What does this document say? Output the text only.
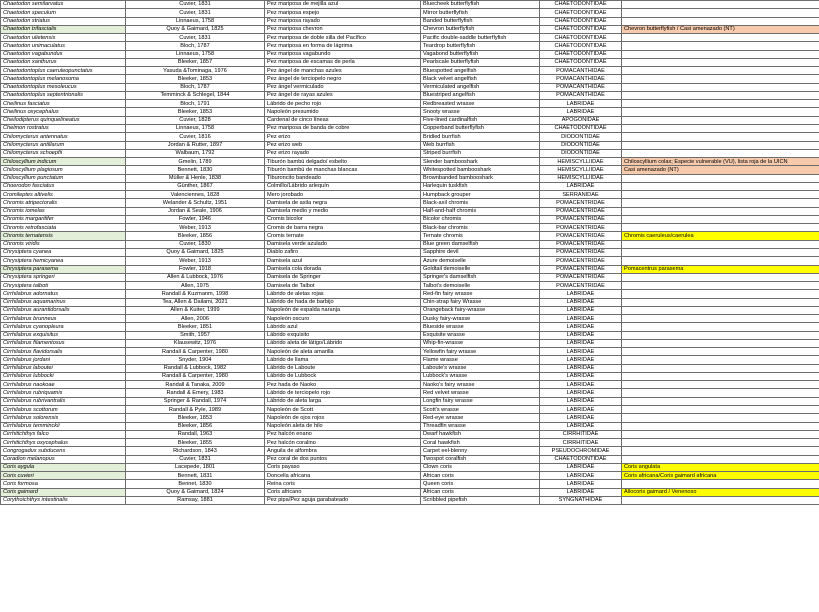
Chaetodon semilarvatus	Cuvier, 1831	Pez mariposa de mejilla azul	Bluecheek butterflyfish	CHAETODONTIDAE	
Chaetodon speculum	Cuvier, 1831	Pez mariposa espejo	Mirror butterflyfish	CHAETODONTIDAE	
Chaetodon striatus	Linnaeus, 1758	Pez mariposa rayado	Banded butterflyfish	CHAETODONTIDAE	
Chaetodon trifascialis	Quoy & Gaimard, 1825	Pez mariposa chevron	Chevron butterflyfish	CHAETODONTIDAE	Chevron butterflyfish / Casi amenazado (NT)
Chaetodon ulietensis	Cuvier, 1831	Pez mariposa de doble silla del Pacífico	Pacific double-saddle butterflyfish	CHAETODONTIDAE	
Chaetodon unimaculatus	Bloch, 1787	Pez mariposa en forma de lágrima	Teardrop butterflyfish	CHAETODONTIDAE	
Chaetodon vagabundus	Linnaeus, 1758	Pez mariposa vagabundo	Vagabond butterflyfish	CHAETODONTIDAE	
Chaetodon xanthurus	Bleeker, 1857	Pez mariposa de escamas de perla	Pearlscale butterflyfish	CHAETODONTIDAE	
Chaetodontoplus caeruleopunctatus	Yasuda &Tominaga, 1976	Pez ángel de manchas azules	Bluespotted angelfish	POMACANTHIDAE	
Chaetodontoplus melanosoma	Bleeker, 1853	Pez ángel de terciopelo negro	Black velvet angelfish	POMACANTHIDAE	
Chaetodontoplus mesoleucus	Bloch, 1787	Pez ángel vermiculado	Vermiculated angelfish	POMACANTHIDAE	
Chaetodontoplus septentrionalis	Temminck & Schlegel, 1844	Pez ángel de rayas azules	Bluestriped angelfish	POMACANTHIDAE	
Cheilinus fasciatus	Bloch, 1791	Lábrido de pecho rojo	Redbreasted wrasse	LABRIDAE	
Cheilinus oxycephalus	Bleeker, 1853	Napoleón presumido	Snooty wrasse	LABRIDAE	
Cheilodipterus quinquelineatus	Cuvier, 1828	Cardenal de cinco líneas	Five-lined cardinalfish	APOGONIDAE	
Chelmon rostratus	Linnaeus, 1758	Pez mariposa de banda de cobre	Copperband butterflyfish	CHAETODONTIDAE	
Chilomycterus antennatus	Cuvier, 1816	Pez erizo	Bridled burrfish	DIODONTIDAE	
Chilomycterus antillarum	Jordan & Rutter, 1897	Pez erizo web	Web burrfish	DIODONTIDAE	
Chilomycterus schoepfii	Walbaum, 1792	Pez erizo rayado	Striped burrfish	DIODONTIDAE	
Chiloscyllium indicum	Gmelin, 1789	Tiburón bambú delgado/ esbelto	Slender bambooshark	HEMISCYLLIIDAE	Chiloscyllium colax; Especie vulnerable (VU), lista roja de la UICN
Chiloscyllium plagiosum	Bennett, 1830	Tiburón bambú de manchas blancas	Whitespotted bambooshark	HEMISCYLLIIDAE	Casi amenazado (NT)
Chiloscyllium punctatum	Müller & Henle, 1838	Tiburoncito bandeado	Brownbanded bambooshark	HEMISCYLLIIDAE	
Choerodon fasciatus	Günther, 1867	Colmillo/Lábrido arlequín	Harlequin tuskfish	LABRIDAE	
Cromileptes altivelis	Valenciennes, 1828	Mero jorobado	Humpback grouper	SERRANIDAE	
Chromis atripectoralis	Welander & Schultz, 1951	Damisela de axila negra	Black-axil chromis	POMACENTRIDAE	
Chromis iomelas	Jordan & Seale, 1906	Damisela medio y medio	Half-and-half chromis	POMACENTRIDAE	
Chromis margaritifer	Fowler, 1946	Cromis bicolor	Bicolor chromis	POMACENTRIDAE	
Chromis retrofasciata	Weber, 1913	Cromis de barra negra	Black-bar chromis	POMACENTRIDAE	
Chromis ternatensis	Bleeker, 1856	Cromis ternate	Ternate chromis	POMACENTRIDAE	Chromis caeruleus/caerulea
Chromis viridis	Cuvier, 1830	Damisela verde azulado	Blue green damselfish	POMACENTRIDAE	
Chrysiptera cyanea	Quoy & Gaimard, 1825	Diablo zafiro	Sapphire devil	POMACENTRIDAE	
Chrysiptera hemicyanea	Weber, 1913	Damisela azul	Azure demoiselle	POMACENTRIDAE	
Chrysiptera parasema	Fowler, 1918	Damisela cola dorada	Goldtail demoiselle	POMACENTRIDAE	Pomacentrus parasema
Chrysiptera springeri	Allen & Lubbock, 1976	Damisela de Springer	Springer's damselfish	POMACENTRIDAE	
Chrysiptera talboti	Allen, 1975	Damisela de Talbot	Talbot's demoiselle	POMACENTRIDAE	
Cirrhilabrus adornatus	Randall & Kuzmanm, 1998	Lábrido de aletas rojas	Red-fin fairy wrasse	LABRIDAE	
Cirrhilabrus aquamarinus	Tea, Allen & Dailami, 2021	Lábrido de hada de barbijo	Chin-strap fairy Wrasse	LABRIDAE	
Cirrhilabrus aurantidorsalis	Allen & Kuiter, 1999	Napoleón de espalda naranja	Orangeback fairy-wrasse	LABRIDAE	
Cirrhilabrus brunneus	Allen, 2006	Napoleón oscuro	Dusky fairy-wrasse	LABRIDAE	
Cirrhilabrus cyanopleura	Bleeker, 1851	Lábrido azul	Blueside wrasse	LABRIDAE	
Cirrhilabrus exquisitus	Smith, 1957	Lábrido exquisito	Exquisite wrasse	LABRIDAE	
Cirrhilabrus filamentosus	Klausewitz, 1976	Lábrido aleta de látigo/Lábrido	Whip-fin-wrasse	LABRIDAE	
Cirrhilabrus flavidorsalis	Randall & Carpenter, 1980	Napoleón de aleta amarilla	Yellowfin fairy wrasse	LABRIDAE	
Cirrhilabrus jordani	Snyder, 1904	Lábrido de llama	Flame wrasse	LABRIDAE	
Cirrhilabrus laboutei	Randall & Lubbock, 1982	Lábrido de Laboute	Laboute's wrasse	LABRIDAE	
Cirrhilabrus lubbocki	Randall & Carpenter, 1980	Lábrido de Lubbock	Lubbock's wrasse	LABRIDAE	
Cirrhilabrus naokoae	Randall & Tanaka, 2009	Pez hada de Naoko	Naoko's fairy wrasse	LABRIDAE	
Cirrhilabrus rubriquamis	Randall & Emery, 1983	Lábrido de terciopelo rojo	Red velvet wrasse	LABRIDAE	
Cirrhilabrus rubrivantralis	Springer & Randall, 1974	Lábrido de aleta larga	Longfin fairy wrasse	LABRIDAE	
Cirrhilabrus scottorum	Randall & Pyle, 1989	Napoleón de Scott	Scott's wrasse	LABRIDAE	
Cirrhilabrus solorensis	Bleeker, 1853	Napoleón de ojos rojos	Red-eye wrasse	LABRIDAE	
Cirrhilabrus temminckii	Bleeker, 1856	Napoleón aleta de hilo	Threadfin wrasse	LABRIDAE	
Cirrhitichthys falco	Randall, 1963	Pez halcón enano	Dwarf hawkfish	CIRRHITIDAE	
Cirrhitichthys oxycephalus	Bleeker, 1855	Pez halcón coralino	Coral hawkfish	CIRRHITIDAE	
Congrogadus subducens	Richardson, 1843	Anguila de alfombra	Carpet eel-blenny	PSEUDOCHROMIDAE	
Coradion melanopus	Cuvier, 1831	Pez coral de dos puntos	Twospot coralfish	CHAETODONTIDAE	
Coris aygula	Lacepede, 1801	Coris payaso	Clown coris	LABRIDAE	Coris angulata
Coris cuvieri	Bennett, 1831	Doncella africana	African coris	LABRIDAE	Coris africana/Coris gaimard africana
Coris formosa	Bennet, 1830	Reina coris	Queen coris	LABRIDAE	
Coris gaimard	Quoy & Gaimard, 1824	Coris africano	African coris	LABRIDAE	Allocoris gaimard / Venenoso
Corythoichthys intestinalis	Ramsay, 1881	Pez pipa/Pez aguja garabateado	Scribbled pipefish	SYNGNATHIDAE	
